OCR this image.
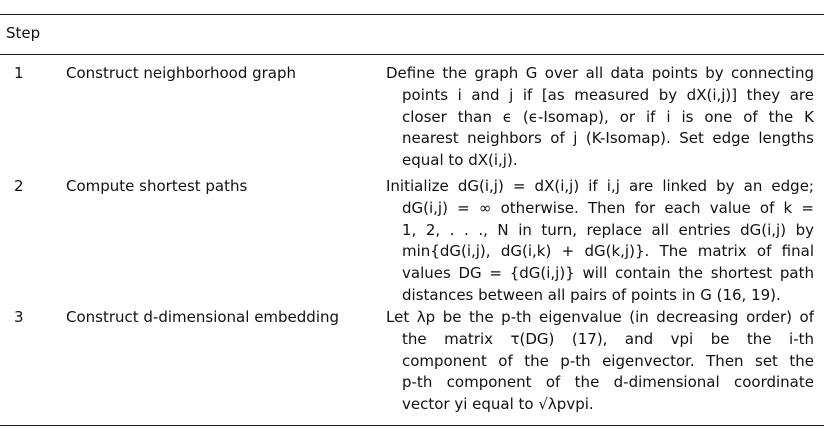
Step
1	Construct neighborhood graph	Define the graph G over all data points by connecting
points i and j if [as measured by dX(i,j)] they are
closer than ϵ (ϵ-Isomap), or if i is one of the K
nearest neighbors of j (K-Isomap). Set edge lengths
equal to dX(i,j).
2	Compute shortest paths	Initialize dG(i,j) = dX(i,j) if i,j are linked by an edge;
dG(i,j) = ∞ otherwise. Then for each value of k =
1, 2, . . ., N in turn, replace all entries dG(i,j) by
min{dG(i,j), dG(i,k) + dG(k,j)}. The matrix of final
values DG = {dG(i,j)} will contain the shortest path
distances between all pairs of points in G (16, 19).
3	Construct d-dimensional embedding	Let λp be the p-th eigenvalue (in decreasing order) of
the matrix τ(DG) (17), and vpi be the i-th
component of the p-th eigenvector. Then set the
p-th component of the d-dimensional coordinate
vector yi equal to √λpvpi.
